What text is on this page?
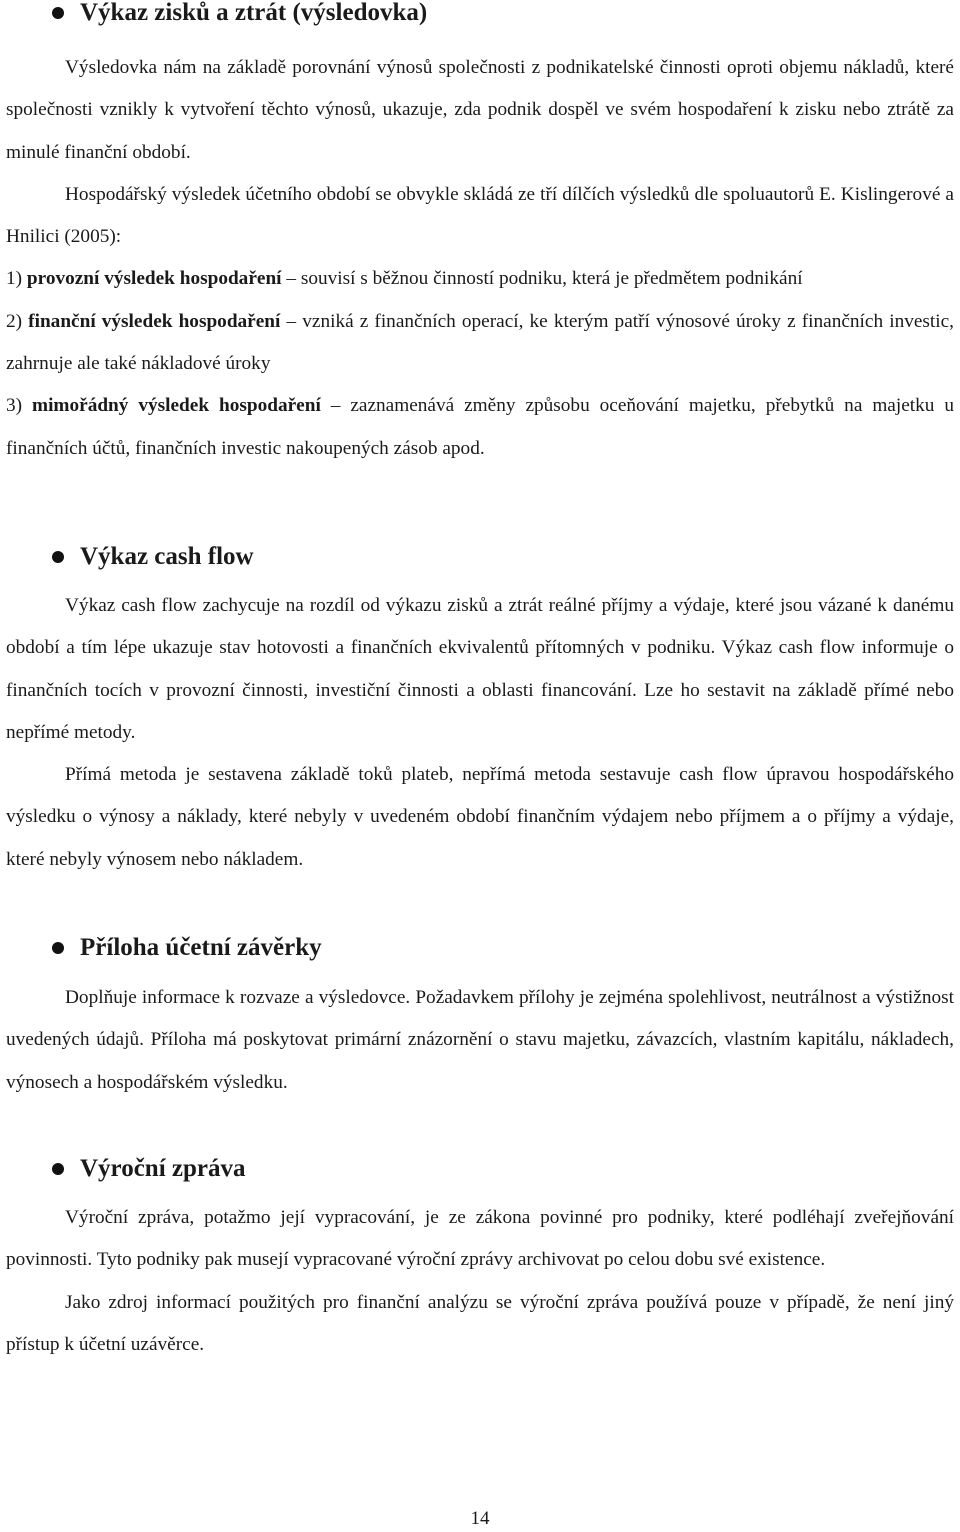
Výkaz zisků a ztrát (výsledovka)

Výsledovka nám na základě porovnání výnosů společnosti z podnikatelské činnosti oproti objemu nákladů, které společnosti vznikly k vytvoření těchto výnosů, ukazuje, zda podnik dospěl ve svém hospodaření k zisku nebo ztrátě za minulé finanční období.

Hospodářský výsledek účetního období se obvykle skládá ze tří dílčích výsledků dle spoluautorů E. Kislingerové a Hnilici (2005):

1) provozní výsledek hospodaření – souvisí s běžnou činností podniku, která je předmětem podnikání

2) finanční výsledek hospodaření – vzniká z finančních operací, ke kterým patří výnosové úroky z finančních investic, zahrnuje ale také nákladové úroky

3) mimořádný výsledek hospodaření – zaznamenává změny způsobu oceňování majetku, přebytků na majetku u finančních účtů, finančních investic nakoupených zásob apod.

Výkaz cash flow

Výkaz cash flow zachycuje na rozdíl od výkazu zisků a ztrát reálné příjmy a výdaje, které jsou vázané k danému období a tím lépe ukazuje stav hotovosti a finančních ekvivalentů přítomných v podniku. Výkaz cash flow informuje o finančních tocích v provozní činnosti, investiční činnosti a oblasti financování. Lze ho sestavit na základě přímé nebo nepřímé metody.

Přímá metoda je sestavena základě toků plateb, nepřímá metoda sestavuje cash flow úpravou hospodářského výsledku o výnosy a náklady, které nebyly v uvedeném období finančním výdajem nebo příjmem a o příjmy a výdaje, které nebyly výnosem nebo nákladem.

Příloha účetní závěrky

Doplňuje informace k rozvaze a výsledovce. Požadavkem přílohy je zejména spolehlivost, neutrálnost a výstižnost uvedených údajů. Příloha má poskytovat primární znázornění o stavu majetku, závazcích, vlastním kapitálu, nákladech, výnosech a hospodářském výsledku.

Výroční zpráva

Výroční zpráva, potažmo její vypracování, je ze zákona povinné pro podniky, které podléhají zveřejňování povinnosti. Tyto podniky pak musejí vypracované výroční zprávy archivovat po celou dobu své existence.

Jako zdroj informací použitých pro finanční analýzu se výroční zpráva používá pouze v případě, že není jiný přístup k účetní uzávěrce.

14
